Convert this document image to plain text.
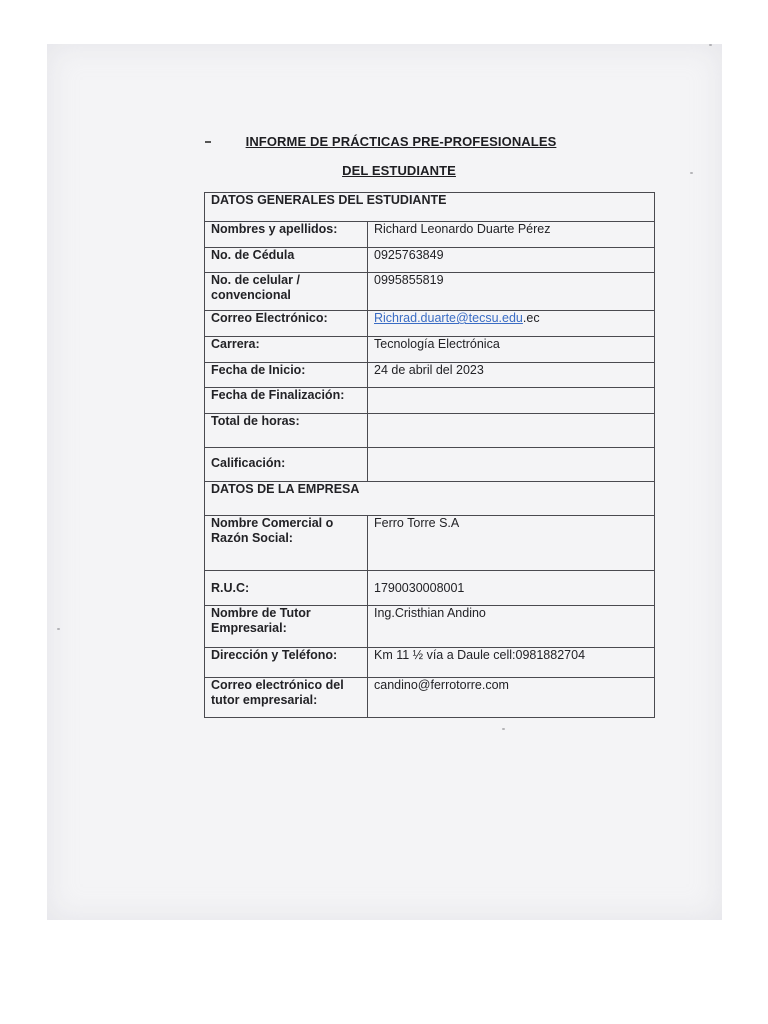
INFORME DE PRÁCTICAS PRE-PROFESIONALES
DEL ESTUDIANTE
DATOS GENERALES DEL ESTUDIANTE	
Nombres y apellidos:	Richard Leonardo Duarte Pérez
No. de Cédula	0925763849
No. de celular / convencional	0995855819
Correo Electrónico:	Richrad.duarte@tecsu.edu.ec
Carrera:	Tecnología Electrónica
Fecha de Inicio:	24 de abril del 2023
Fecha de Finalización:	
Total de horas:	
Calificación:	
DATOS DE LA EMPRESA	
Nombre Comercial o Razón Social:	Ferro Torre S.A
R.U.C:	1790030008001
Nombre de Tutor Empresarial:	Ing.Cristhian Andino
Dirección y Teléfono:	Km 11 ½ vía a Daule cell:0981882704
Correo electrónico del tutor empresarial:	candino@ferrotorre.com
